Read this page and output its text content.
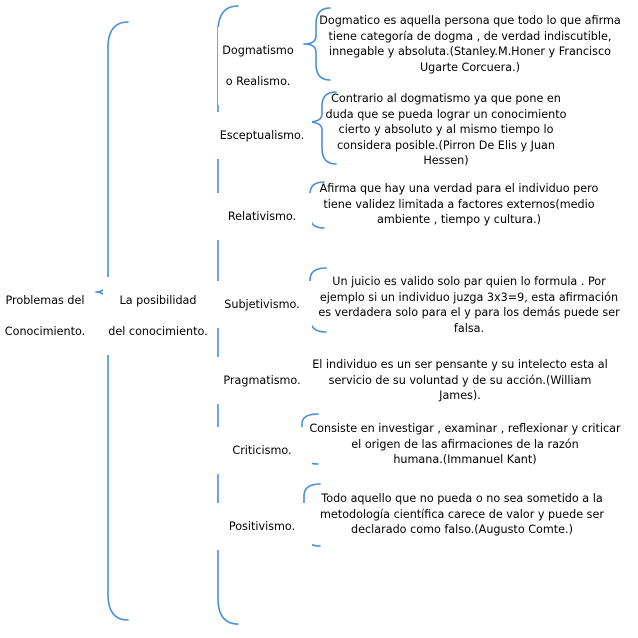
Problemas del

Conocimiento.

La posibilidad

del conocimiento.

Dogmatismo

o Realismo.

Esceptualismo.

Relativismo.

Subjetivismo.

Pragmatismo.

Criticismo.

Positivismo.

Dogmatico es aquella persona que todo lo que afirma
tiene categoría de dogma , de verdad indiscutible,
innegable y absoluta.(Stanley.M.Honer y Francisco
Ugarte Corcuera.)
Contrario al dogmatismo ya que pone en
duda que se pueda lograr un conocimiento
cierto y absoluto y al mismo tiempo lo
considera posible.(Pirron De Elis y Juan
Hessen)
Afirma que hay una verdad para el individuo pero
tiene validez limitada a factores externos(medio
ambiente , tiempo y cultura.)
Un juicio es valido solo par quien lo formula . Por
ejemplo si un individuo juzga 3x3=9, esta afirmación
es verdadera solo para el y para los demás puede ser
falsa.
El individuo es un ser pensante y su intelecto esta al
servicio de su voluntad y de su acción.(William
James).
Consiste en investigar , examinar , reflexionar y criticar
el origen de las afirmaciones de la razón
humana.(Immanuel Kant)
Todo aquello que no pueda o no sea sometido a la
metodología científica carece de valor y puede ser
declarado como falso.(Augusto Comte.)
